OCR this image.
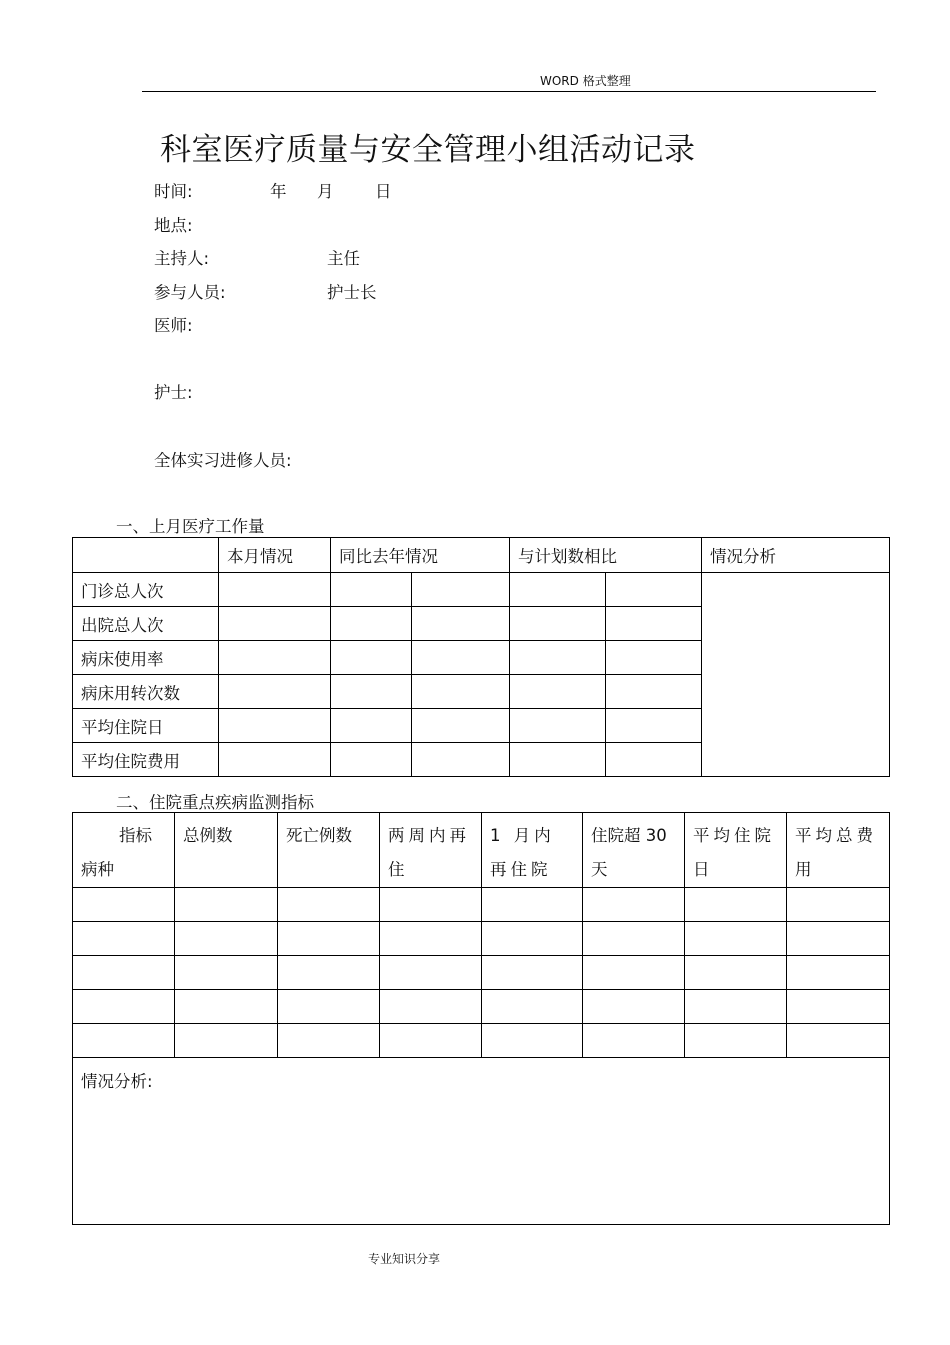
WORD 格式整理
科室医疗质量与安全管理小组活动记录
时间:	年 月	日
地点:
主持人:	主任
参与人员:	护士长
医师:
护士:
全体实习进修人员:
一、上月医疗工作量
	本月情况	同比去年情况		与计划数相比		情况分析
门诊总人次						
出院总人次						
病床使用率						
病床用转次数						
平均住院日						
平均住院费用						
二、住院重点疾病监测指标
指标
病种	总例数	死亡例数	两周内再住	1 月内再住院	住院超 30 天	平均住院日	平均总费用

情况分析:							
专业知识分享
